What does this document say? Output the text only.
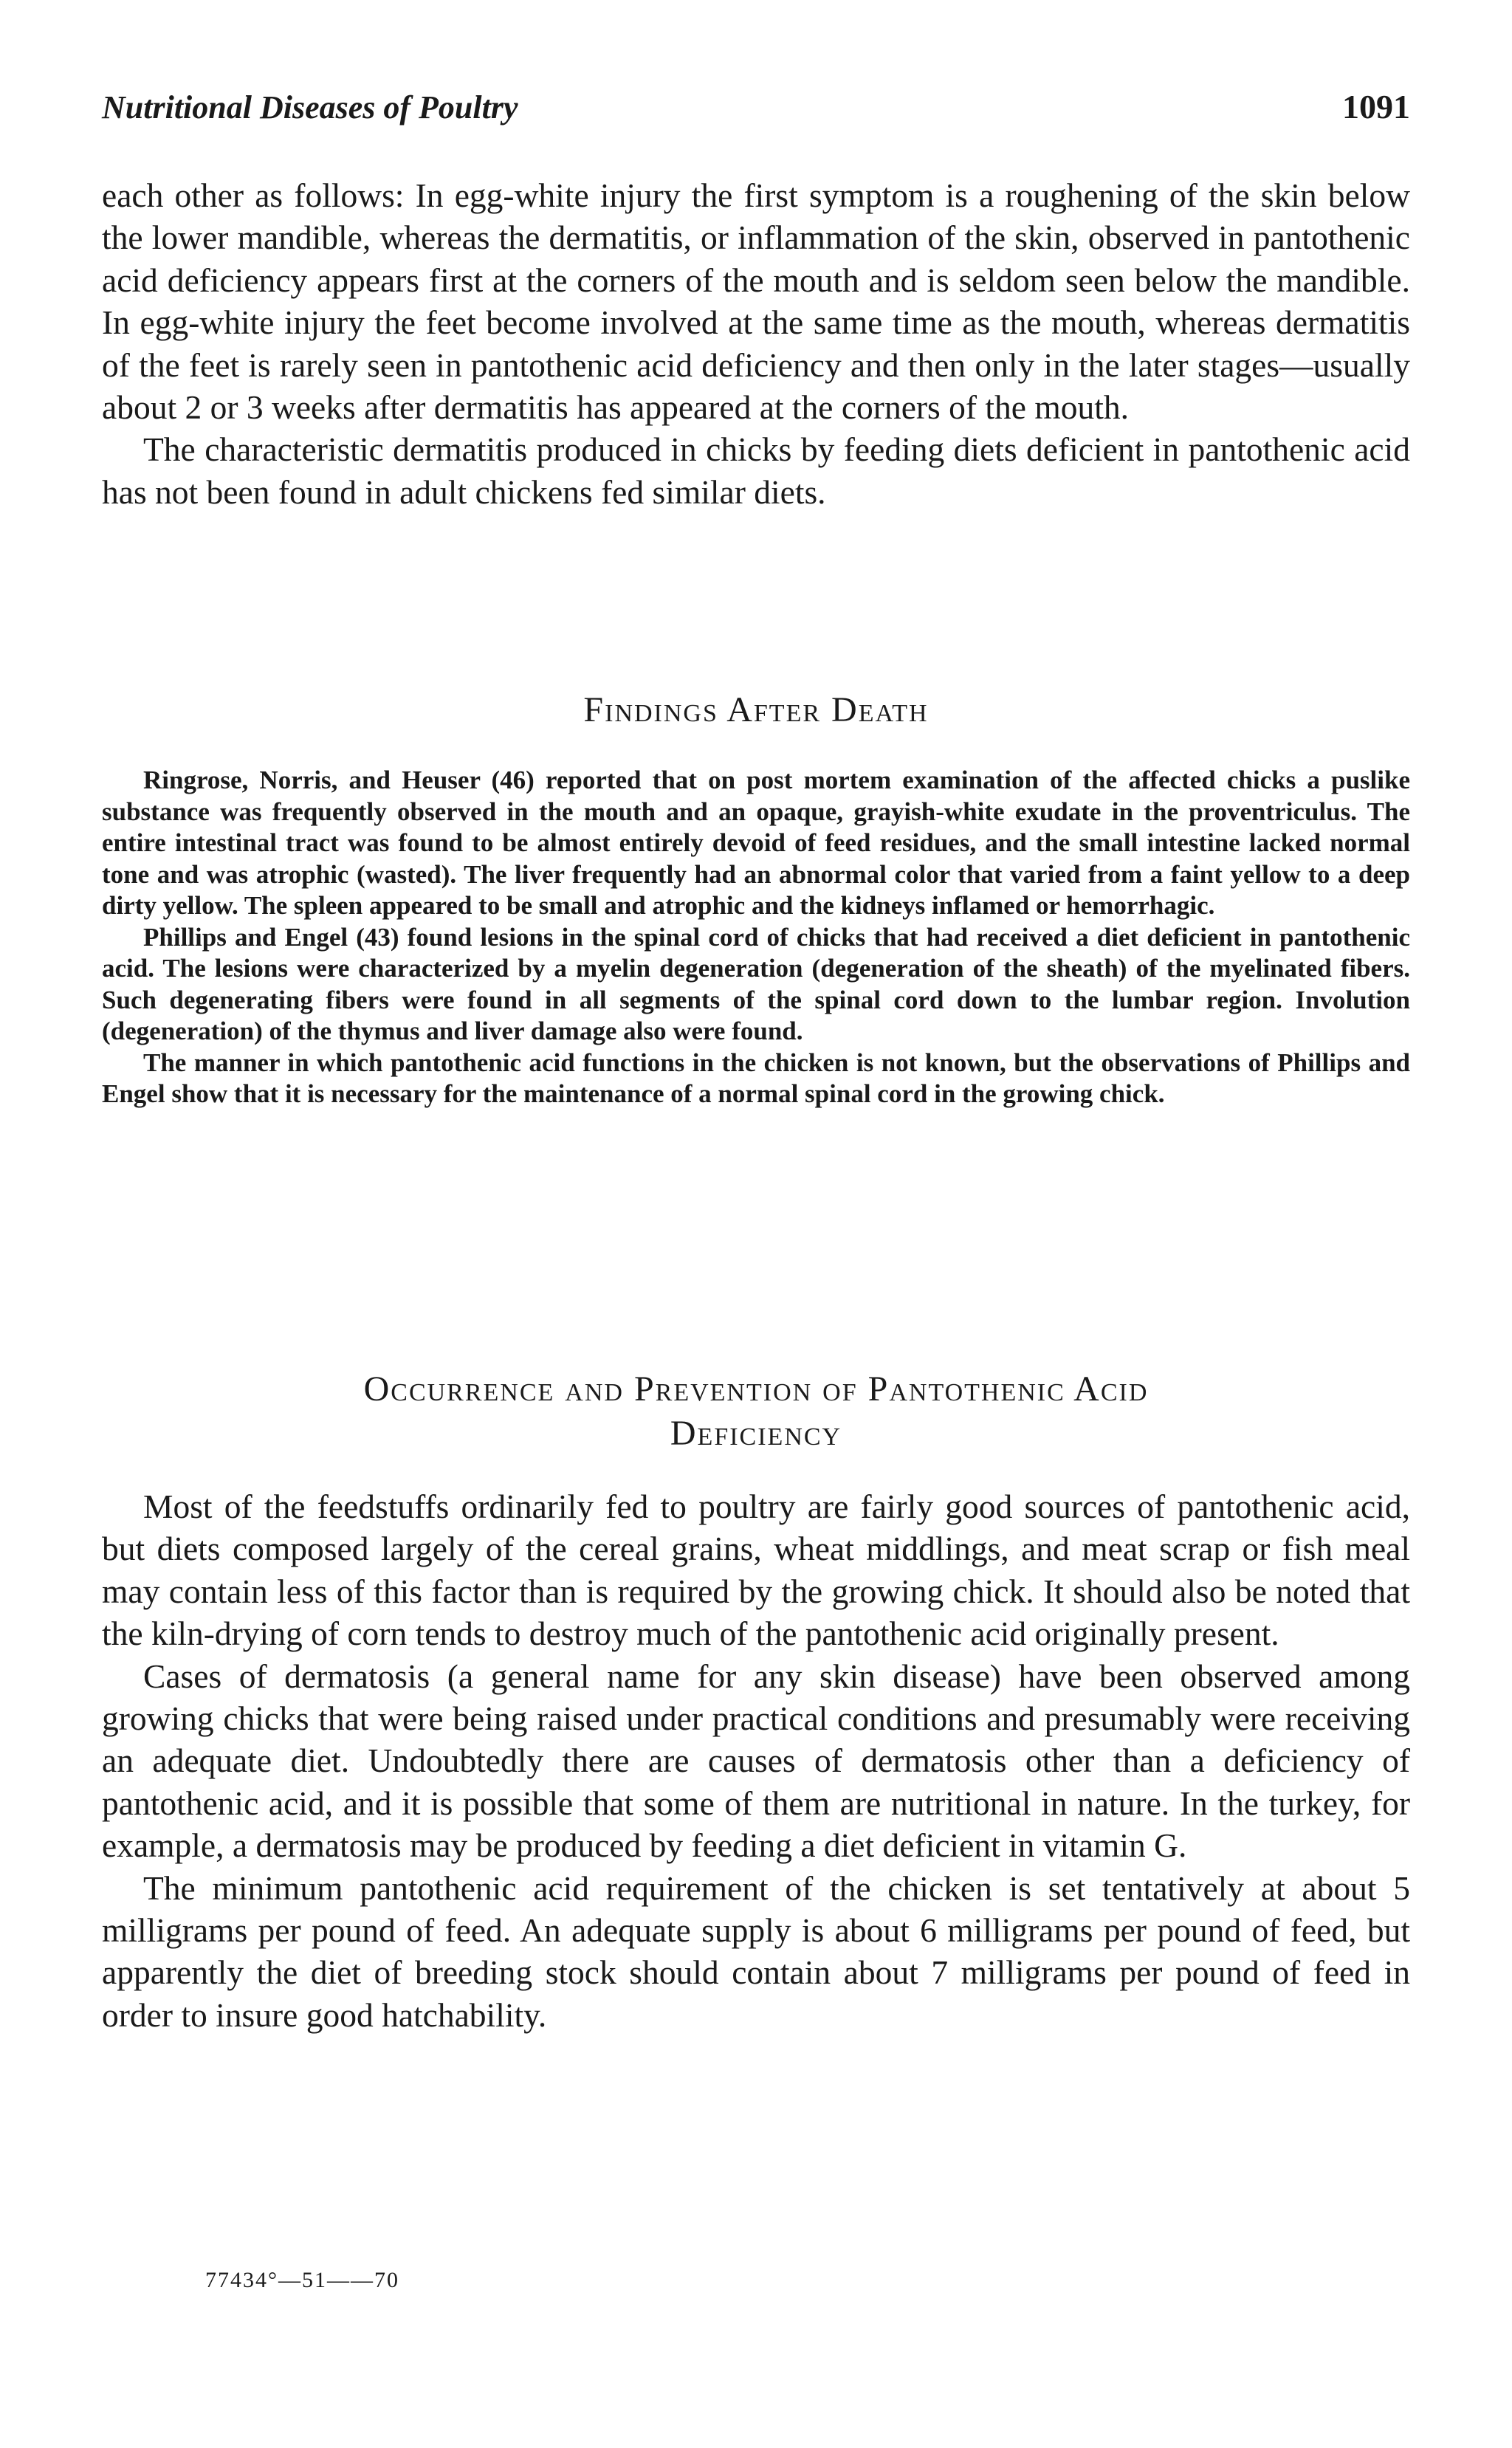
Nutritional Diseases of Poultry	1091

each other as follows: In egg-white injury the first symptom is a roughening of the skin below the lower mandible, whereas the dermatitis, or inflammation of the skin, observed in pantothenic acid deficiency appears first at the corners of the mouth and is seldom seen below the mandible. In egg-white injury the feet become involved at the same time as the mouth, whereas dermatitis of the feet is rarely seen in pantothenic acid deficiency and then only in the later stages—usually about 2 or 3 weeks after dermatitis has appeared at the corners of the mouth.

The characteristic dermatitis produced in chicks by feeding diets deficient in pantothenic acid has not been found in adult chickens fed similar diets.

Findings After Death

Ringrose, Norris, and Heuser (46) reported that on post mortem examination of the affected chicks a puslike substance was frequently observed in the mouth and an opaque, grayish-white exudate in the proventriculus. The entire intestinal tract was found to be almost entirely devoid of feed residues, and the small intestine lacked normal tone and was atrophic (wasted). The liver frequently had an abnormal color that varied from a faint yellow to a deep dirty yellow. The spleen appeared to be small and atrophic and the kidneys inflamed or hemorrhagic.

Phillips and Engel (43) found lesions in the spinal cord of chicks that had received a diet deficient in pantothenic acid. The lesions were characterized by a myelin degeneration (degeneration of the sheath) of the myelinated fibers. Such degenerating fibers were found in all segments of the spinal cord down to the lumbar region. Involution (degeneration) of the thymus and liver damage also were found.

The manner in which pantothenic acid functions in the chicken is not known, but the observations of Phillips and Engel show that it is necessary for the maintenance of a normal spinal cord in the growing chick.

Occurrence and Prevention of Pantothenic Acid
Deficiency

Most of the feedstuffs ordinarily fed to poultry are fairly good sources of pantothenic acid, but diets composed largely of the cereal grains, wheat middlings, and meat scrap or fish meal may contain less of this factor than is required by the growing chick. It should also be noted that the kiln-drying of corn tends to destroy much of the pantothenic acid originally present.

Cases of dermatosis (a general name for any skin disease) have been observed among growing chicks that were being raised under practical conditions and presumably were receiving an adequate diet. Undoubtedly there are causes of dermatosis other than a deficiency of pantothenic acid, and it is possible that some of them are nutritional in nature. In the turkey, for example, a dermatosis may be produced by feeding a diet deficient in vitamin G.

The minimum pantothenic acid requirement of the chicken is set tentatively at about 5 milligrams per pound of feed. An adequate supply is about 6 milligrams per pound of feed, but apparently the diet of breeding stock should contain about 7 milligrams per pound of feed in order to insure good hatchability.

77434°—51——70
